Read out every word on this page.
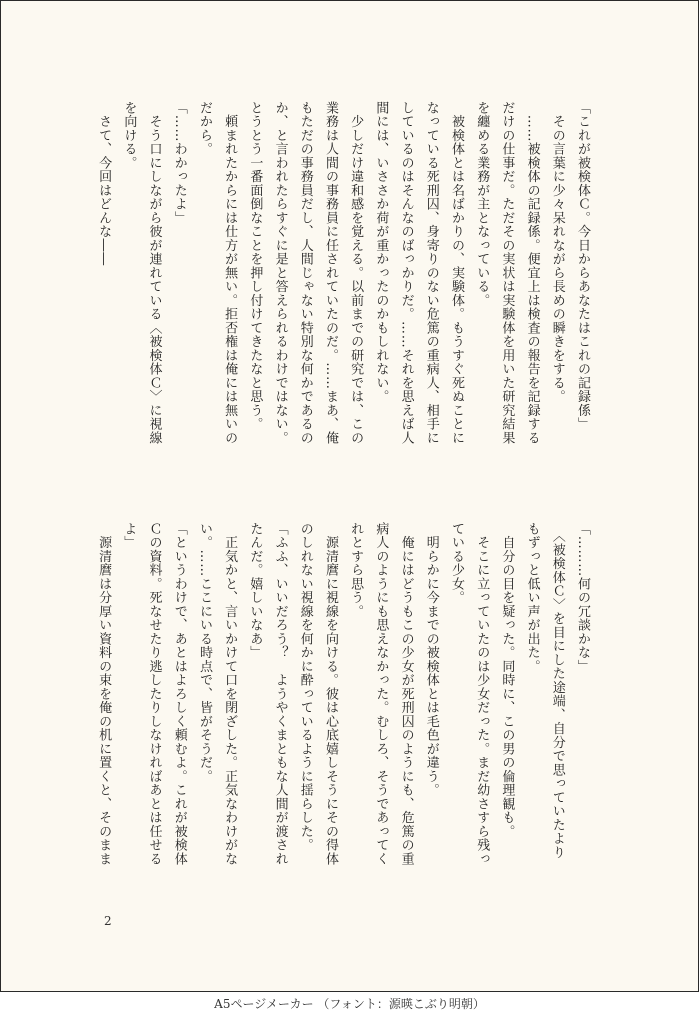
「これが被検体Ｃ。今日からあなたはこれの記録係」
　その言葉に少々呆れながら長めの瞬きをする。
　……被検体の記録係。便宜上は検査の報告を記録する
だけの仕事だ。ただその実状は実験体を用いた研究結果
を纏める業務が主となっている。
　被検体とは名ばかりの、実験体。もうすぐ死ぬことに
なっている死刑囚、身寄りのない危篤の重病人、相手に
しているのはそんなのばっかりだ。……それを思えば人
間には、いささか荷が重かったのかもしれない。
　少しだけ違和感を覚える。以前までの研究では、この
業務は人間の事務員に任されていたのだ。……まあ、俺
もただの事務員だし、人間じゃない特別な何かであるの
か、と言われたらすぐに是と答えられるわけではない。
とうとう一番面倒なことを押し付けてきたなと思う。
　頼まれたからには仕方が無い。拒否権は俺には無いの
だから。
「……わかったよ」
　そう口にしながら彼が連れている〈被検体Ｃ〉に視線
を向ける。
　さて、今回はどんな――
「………何の冗談かな」
　〈被検体Ｃ〉を目にした途端、自分で思っていたより
もずっと低い声が出た。
　自分の目を疑った。同時に、この男の倫理観も。
　そこに立っていたのは少女だった。まだ幼さすら残っ
ている少女。
　明らかに今までの被検体とは毛色が違う。
　俺にはどうもこの少女が死刑囚のようにも、危篤の重
病人のようにも思えなかった。むしろ、そうであってく
れとすら思う。
　源清麿に視線を向ける。彼は心底嬉しそうにその得体
のしれない視線を何かに酔っているように揺らした。
「ふふ、いいだろう？　ようやくまともな人間が渡され
たんだ。嬉しいなあ」
　正気かと、言いかけて口を閉ざした。正気なわけがな
い。……ここにいる時点で、皆がそうだ。
「というわけで、あとはよろしく頼むよ。これが被検体
Ｃの資料。死なせたり逃したりしなければあとは任せる
よ」
　源清麿は分厚い資料の束を俺の机に置くと、そのまま
2
A5ページメーカー （フォント：源暎こぶり明朝）
